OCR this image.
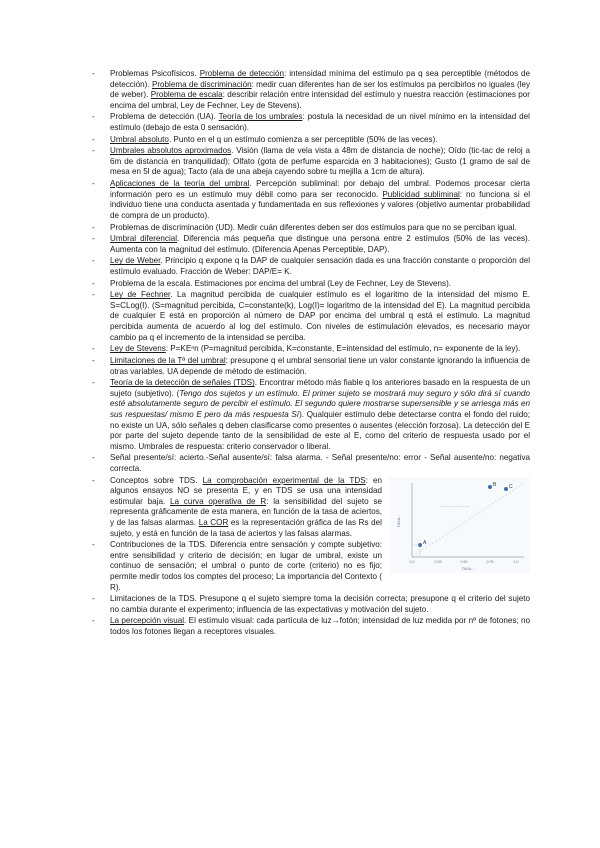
- Problemas Psicofísicos. Problema de detección: intensidad mínima del estímulo pa q sea perceptible (métodos de detección). Problema de discriminación: medir cuan diferentes han de ser los estímulos pa percibirlos no iguales (ley de weber). Problema de escala: describir relación entre intensidad del estímulo y nuestra reacción (estimaciones por encima del umbral, Ley de Fechner, Ley de Stevens).
- Problema de detección (UA). Teoría de los umbrales: postula la necesidad de un nivel mínimo en la intensidad del estímulo (debajo de esta 0 sensación).
- Umbral absoluto. Punto en el q un estímulo comienza a ser perceptible (50% de las veces).
- Umbrales absolutos aproximados. Visión (llama de vela vista a 48m de distancia de noche); Oído (tic-tac de reloj a 6m de distancia en tranquilidad); Olfato (gota de perfume esparcida en 3 habitaciones); Gusto (1 gramo de sal de mesa en 5l de agua); Tacto (ala de una abeja cayendo sobre tu mejilla a 1cm de altura).
- Aplicaciones de la teoría del umbral. Percepción subliminal: por debajo del umbral. Podemos procesar cierta información pero es un estímulo muy débil como para ser reconocido. Publicidad subliminal: no funciona si el individuo tiene una conducta asentada y fundamentada en sus reflexiones y valores (objetivo aumentar probabilidad de compra de un producto).
- Problemas de discriminación (UD). Medir cuán diferentes deben ser dos estímulos para que no se perciban igual.
- Umbral diferencial. Diferencia más pequeña que distingue una persona entre 2 estímulos (50% de las veces). Aumenta con la magnitud del estímulo. (Diferencia Apenas Perceptible, DAP).
- Ley de Weber. Principio q expone q la DAP de cualquier sensación dada es una fracción constante o proporción del estímulo evaluado. Fracción de Weber: DAP/E= K.
- Problema de la escala. Estimaciones por encima del umbral (Ley de Fechner, Ley de Stevens).
- Ley de Fechner. La magnitud percibida de cualquier estímulo es el logaritmo de la intensidad del mismo E. S=CLog(I). (S=magnitud percibida, C=constante(k), Log(I)= logaritmo de la intensidad del E). La magnitud percibida de cualquier E está en proporción al número de DAP por encima del umbral q está el estímulo. La magnitud percibida aumenta de acuerdo al log del estímulo. Con niveles de estimulación elevados, es necesario mayor cambio pa q el incremento de la intensidad se perciba.
- Ley de Stevens: P=KEⁿn (P=magnitud percibida, K=constante, E=intensidad del estímulo, n= exponente de la ley).
- Limitaciones de la Tª del umbral: presupone q el umbral sensorial tiene un valor constante ignorando la influencia de otras variables. UA depende de método de estimación.
- Teoría de la detección de señales (TDS). Encontrar método más fiable q los anteriores basado en la respuesta de un sujeto (subjetivo). (Tengo dos sujetos y un estímulo. El primer sujeto se mostrará muy seguro y sólo dirá sí cuando esté absolutamente seguro de percibir el estímulo. El segundo quiere mostrarse supersensible y se arriesga más en sus respuestas/ mismo E pero da más respuesta Sí). Qualquier estímulo debe detectarse contra el fondo del ruido; no existe un UA, sólo señales q deben clasificarse como presentes o ausentes (elección forzosa). La detección del E por parte del sujeto depende tanto de la sensibilidad de este al E, como del criterio de respuesta usado por el mismo. Umbrales de respuesta: criterio conservador o liberal.
- Señal presente/sí: acierto.-Señal ausente/sí: falsa alarma. - Señal presente/no: error - Señal ausente/no: negativa correcta.
-	B	C
A
— — — — — —
0.0	0.25	0.50	0.75	1.0
TASA...
TASA...
Conceptos sobre TDS. La comprobación experimental de la TDS: en algunos ensayos NO se presenta E, y en TDS se usa una intensidad estimular baja. La curva operativa de R: la sensibilidad del sujeto se representa gráficamente de esta manera, en función de la tasa de aciertos, y de las falsas alarmas. La COR es la representación gráfica de las Rs del sujeto, y está en función de la tasa de aciertos y las falsas alarmas.
- Contribuciones de la TDS. Diferencia entre sensación y compte subjetivo: entre sensibilidad y criterio de decisión; en lugar de umbral, existe un continuo de sensación; el umbral o punto de corte (criterio) no es fijo; permite medir todos los comptes del proceso; La importancia del Contexto ( R).
- Limitaciones de la TDS. Presupone q el sujeto siempre toma la decisión correcta; presupone q el criterio del sujeto no cambia durante el experimento; influencia de las expectativas y motivación del sujeto.
- La percepción visual. El estímulo visual: cada partícula de luz→fotón; intensidad de luz medida por nº de fotones; no todos los fotones llegan a receptores visuales.
